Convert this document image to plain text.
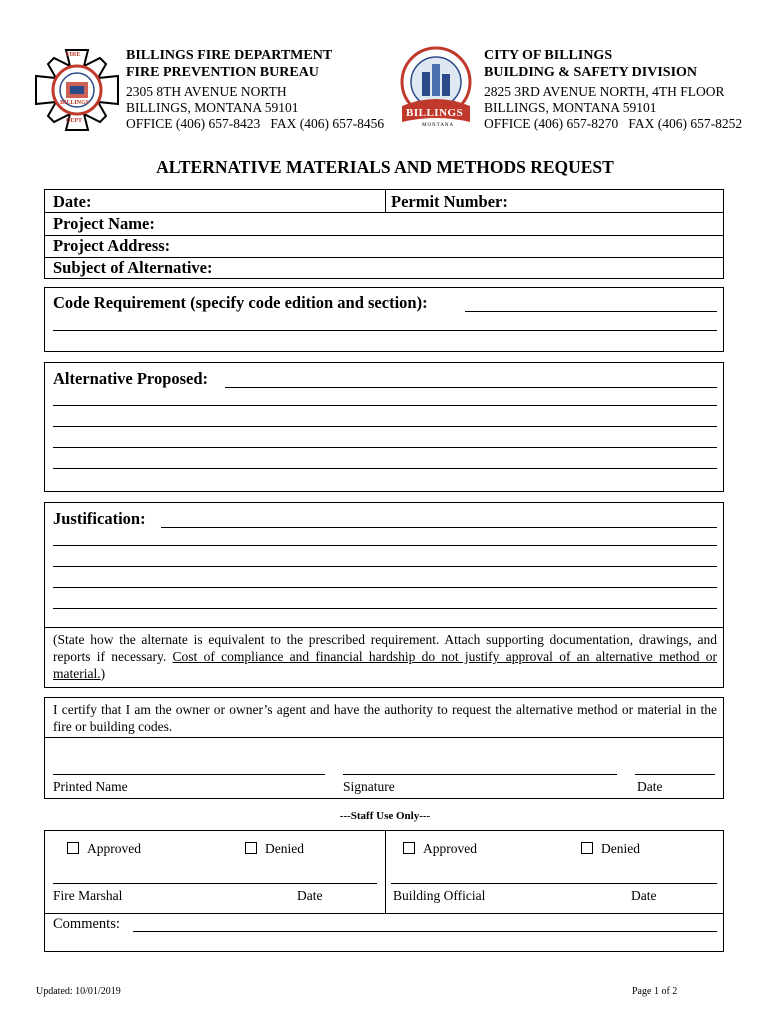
FIRE
BILLINGS
DEPT
BILLINGS FIRE DEPARTMENT
FIRE PREVENTION BUREAU
2305 8TH AVENUE NORTH
BILLINGS, MONTANA 59101
OFFICE (406) 657-8423   FAX (406) 657-8456
BILLINGS
MONTANA
CITY OF BILLINGS
BUILDING & SAFETY DIVISION
2825 3RD AVENUE NORTH, 4TH FLOOR
BILLINGS, MONTANA 59101
OFFICE (406) 657-8270   FAX (406) 657-8252
ALTERNATIVE MATERIALS AND METHODS REQUEST
Date:	Permit Number:
Project Name:
Project Address:
Subject of Alternative:
Code Requirement (specify code edition and section):
Alternative Proposed:
Justification:
(State how the alternate is equivalent to the prescribed requirement. Attach supporting documentation, drawings, and reports if necessary. Cost of compliance and financial hardship do not justify approval of an alternative method or material.)
I certify that I am the owner or owner’s agent and have the authority to request the alternative method or material in the fire or building codes.
Printed Name	Signature	Date
---Staff Use Only---
Approved	Denied
Fire Marshal	Date
Approved	Denied
Building Official	Date
Comments:
Updated: 10/01/2019	Page 1 of 2
